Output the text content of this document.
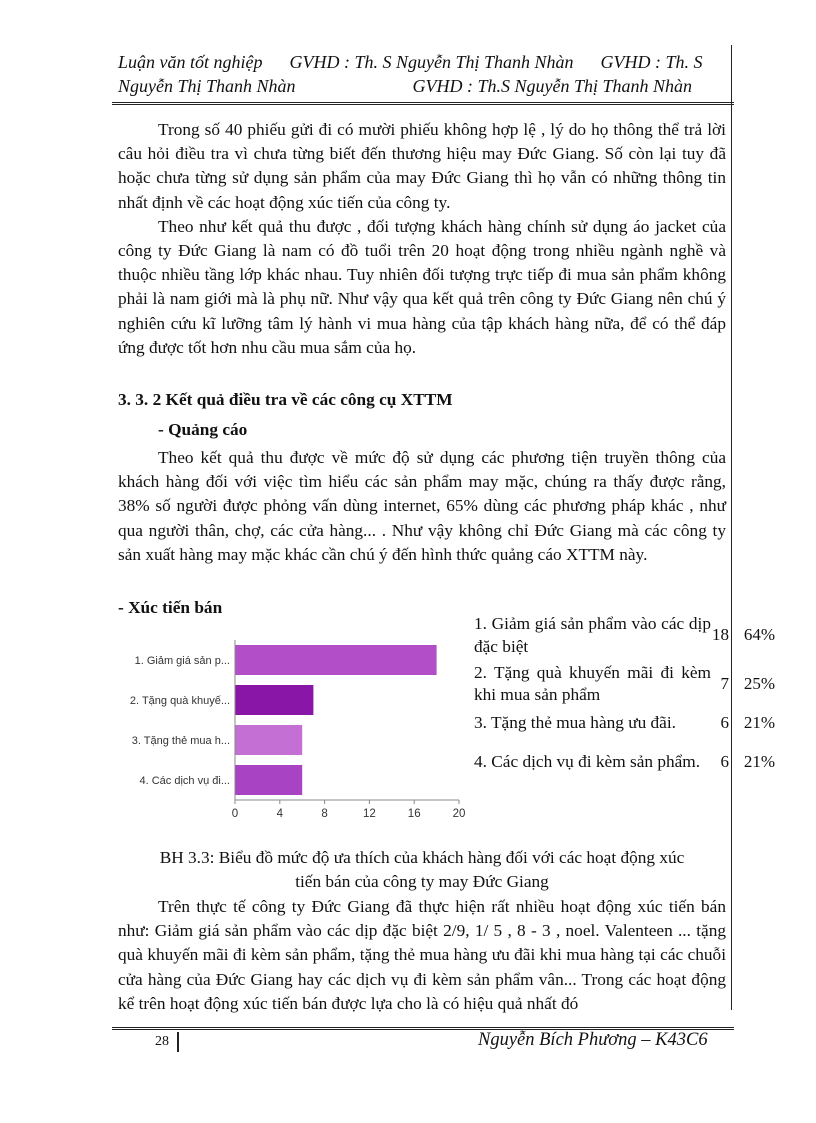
Luận văn tốt nghiệp      GVHD : Th. S Nguyễn Thị Thanh Nhàn      GVHD : Th. S
Nguyễn Thị Thanh Nhàn                          GVHD : Th.S Nguyễn Thị Thanh Nhàn

Trong số 40 phiếu gửi đi có mười phiếu không hợp lệ , lý do họ thông thể trả lời câu hỏi điều tra vì chưa từng biết đến thương hiệu may Đức Giang. Số còn lại tuy đã hoặc chưa từng sử dụng sản phẩm của may Đức Giang thì họ vẫn có những thông tin nhất định về các hoạt động xúc tiến của công ty.

Theo như kết quả thu được , đối tượng khách hàng chính sử dụng áo jacket của công ty Đức Giang là nam có đồ tuổi trên 20 hoạt động trong nhiều ngành nghề và thuộc nhiều tầng lớp khác nhau. Tuy nhiên đối tượng trực tiếp đi mua sản phẩm không phải là nam giới mà là phụ nữ. Như vậy qua kết quả trên công ty Đức Giang nên chú ý nghiên cứu kĩ lưỡng tâm lý hành vi mua hàng của tập khách hàng nữa, để có thể đáp ứng được tốt hơn nhu cầu mua sắm của họ.

3. 3. 2 Kết quả điều tra về các công cụ XTTM
- Quảng cáo

Theo kết quả thu được về mức độ sử dụng các phương tiện truyền thông của khách hàng đối với việc tìm hiểu các sản phẩm may mặc, chúng ra thấy được rằng, 38% số người được phỏng vấn dùng internet, 65% dùng các phương pháp khác , như qua người thân, chợ, các cửa hàng... . Như vậy không chỉ Đức Giang mà các công ty sản xuất hàng may mặc khác cần chú ý đến hình thức quảng cáo XTTM này.

- Xúc tiến bán
1. Giảm giá sản p...
2. Tặng quà khuyế...
3. Tặng thẻ mua h...
4. Các dịch vụ đi...
0	4	8	12	16	20
1. Giảm giá sản phẩm vào các dịp đặc biệt
18 64%
2. Tặng quà khuyến mãi đi kèm khi mua sản phẩm
7 25%
3. Tặng thẻ mua hàng ưu đãi.	6 21%
4. Các dịch vụ đi kèm sản phẩm.	6 21%
BH 3.3: Biểu đồ mức độ ưa thích của khách hàng đối với các hoạt động xúc
tiến bán của công ty may Đức Giang

Trên thực tế công ty Đức Giang đã thực hiện rất nhiều hoạt động xúc tiến bán như: Giảm giá sản phẩm vào các dịp đặc biệt 2/9, 1/ 5 , 8 - 3 , noel. Valenteen ... tặng quà khuyến mãi đi kèm sản phẩm, tặng thẻ mua hàng ưu đãi khi mua hàng tại các chuỗi cửa hàng của Đức Giang hay các dịch vụ đi kèm sản phẩm vân... Trong các hoạt động kể trên hoạt động xúc tiến bán được lựa cho là có hiệu quả nhất đó

28	Nguyễn Bích Phương – K43C6
